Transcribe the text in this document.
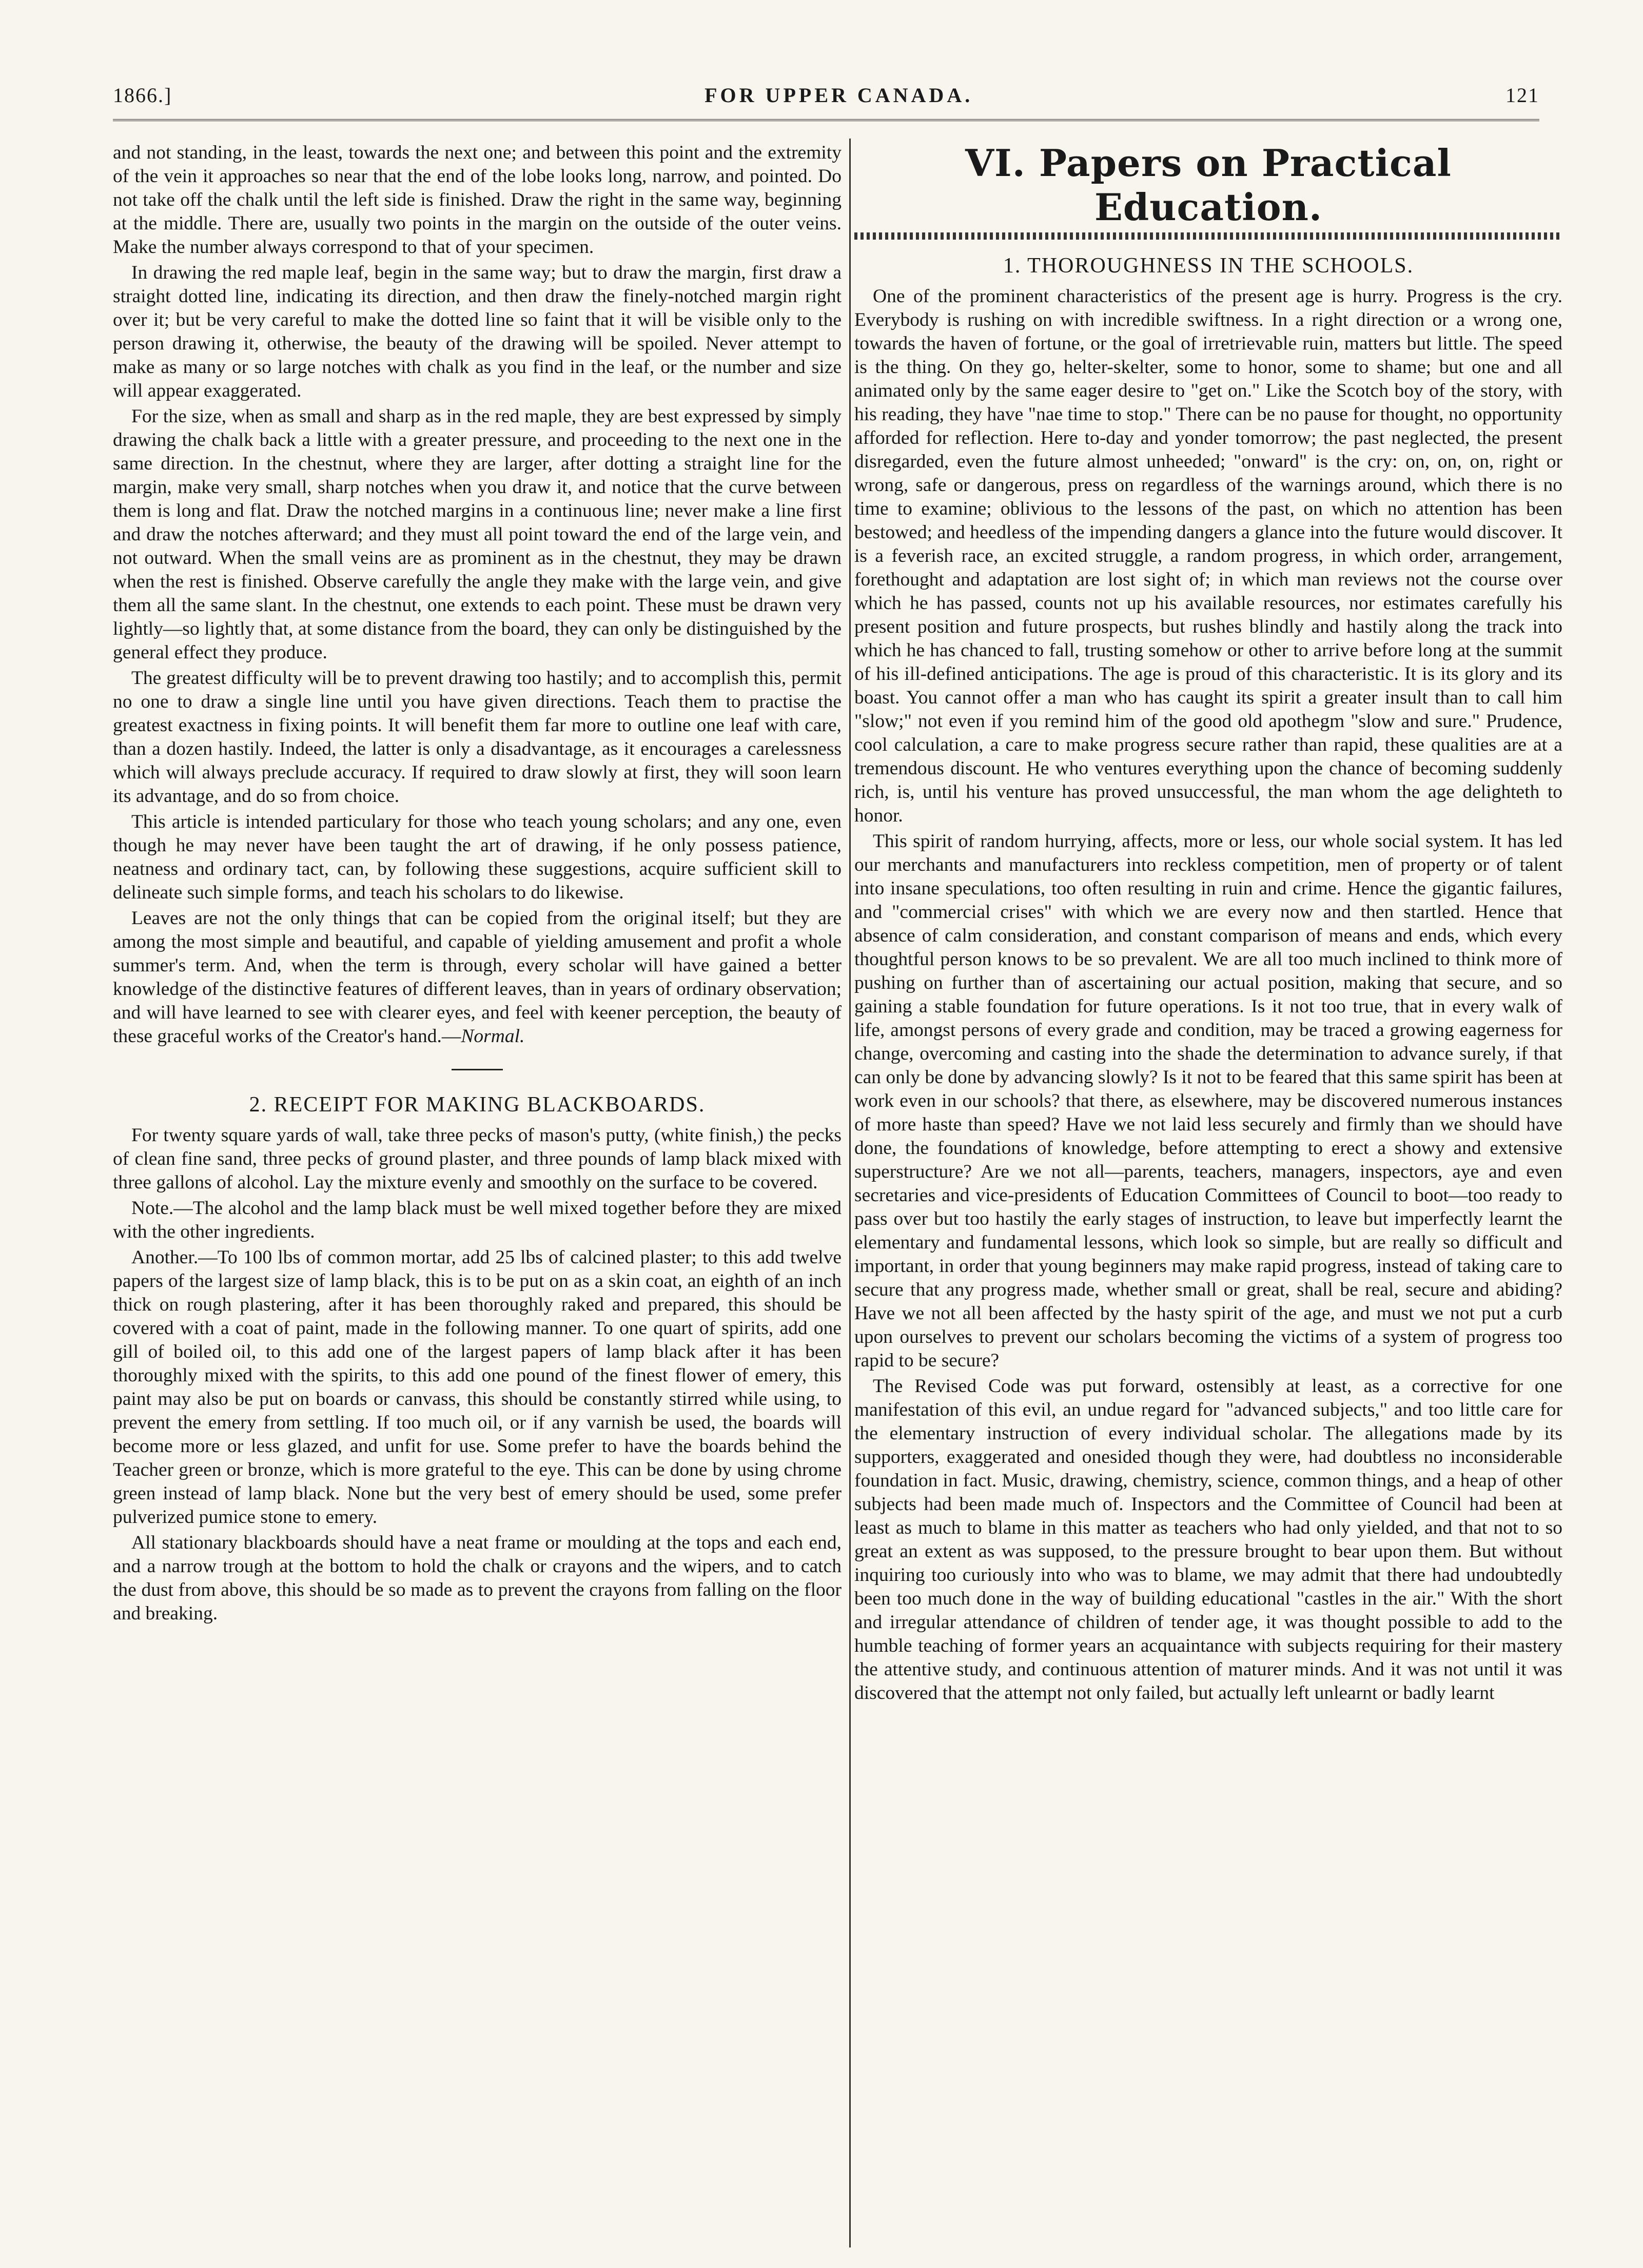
1866.]	FOR UPPER CANADA.	121

and not standing, in the least, towards the next one; and between this point and the extremity of the vein it approaches so near that the end of the lobe looks long, narrow, and pointed. Do not take off the chalk until the left side is finished. Draw the right in the same way, beginning at the middle. There are, usually two points in the margin on the outside of the outer veins. Make the number always correspond to that of your specimen.

In drawing the red maple leaf, begin in the same way; but to draw the margin, first draw a straight dotted line, indicating its direction, and then draw the finely-notched margin right over it; but be very careful to make the dotted line so faint that it will be visible only to the person drawing it, otherwise, the beauty of the drawing will be spoiled. Never attempt to make as many or so large notches with chalk as you find in the leaf, or the number and size will appear exaggerated.

For the size, when as small and sharp as in the red maple, they are best expressed by simply drawing the chalk back a little with a greater pressure, and proceeding to the next one in the same direction. In the chestnut, where they are larger, after dotting a straight line for the margin, make very small, sharp notches when you draw it, and notice that the curve between them is long and flat. Draw the notched margins in a continuous line; never make a line first and draw the notches afterward; and they must all point toward the end of the large vein, and not outward. When the small veins are as prominent as in the chestnut, they may be drawn when the rest is finished. Observe carefully the angle they make with the large vein, and give them all the same slant. In the chestnut, one extends to each point. These must be drawn very lightly—so lightly that, at some distance from the board, they can only be distinguished by the general effect they produce.

The greatest difficulty will be to prevent drawing too hastily; and to accomplish this, permit no one to draw a single line until you have given directions. Teach them to practise the greatest exactness in fixing points. It will benefit them far more to outline one leaf with care, than a dozen hastily. Indeed, the latter is only a disadvantage, as it encourages a carelessness which will always preclude accuracy. If required to draw slowly at first, they will soon learn its advantage, and do so from choice.

This article is intended particulary for those who teach young scholars; and any one, even though he may never have been taught the art of drawing, if he only possess patience, neatness and ordinary tact, can, by following these suggestions, acquire sufficient skill to delineate such simple forms, and teach his scholars to do likewise.

Leaves are not the only things that can be copied from the original itself; but they are among the most simple and beautiful, and capable of yielding amusement and profit a whole summer's term. And, when the term is through, every scholar will have gained a better knowledge of the distinctive features of different leaves, than in years of ordinary observation; and will have learned to see with clearer eyes, and feel with keener perception, the beauty of these graceful works of the Creator's hand.—Normal.

2. RECEIPT FOR MAKING BLACKBOARDS.

For twenty square yards of wall, take three pecks of mason's putty, (white finish,) the pecks of clean fine sand, three pecks of ground plaster, and three pounds of lamp black mixed with three gallons of alcohol. Lay the mixture evenly and smoothly on the surface to be covered.

Note.—The alcohol and the lamp black must be well mixed together before they are mixed with the other ingredients.

Another.—To 100 lbs of common mortar, add 25 lbs of calcined plaster; to this add twelve papers of the largest size of lamp black, this is to be put on as a skin coat, an eighth of an inch thick on rough plastering, after it has been thoroughly raked and prepared, this should be covered with a coat of paint, made in the following manner. To one quart of spirits, add one gill of boiled oil, to this add one of the largest papers of lamp black after it has been thoroughly mixed with the spirits, to this add one pound of the finest flower of emery, this paint may also be put on boards or canvass, this should be constantly stirred while using, to prevent the emery from settling. If too much oil, or if any varnish be used, the boards will become more or less glazed, and unfit for use. Some prefer to have the boards behind the Teacher green or bronze, which is more grateful to the eye. This can be done by using chrome green instead of lamp black. None but the very best of emery should be used, some prefer pulverized pumice stone to emery.

All stationary blackboards should have a neat frame or moulding at the tops and each end, and a narrow trough at the bottom to hold the chalk or crayons and the wipers, and to catch the dust from above, this should be so made as to prevent the crayons from falling on the floor and breaking.

VI. Papers on Practical Education.
1. THOROUGHNESS IN THE SCHOOLS.

One of the prominent characteristics of the present age is hurry. Progress is the cry. Everybody is rushing on with incredible swiftness. In a right direction or a wrong one, towards the haven of fortune, or the goal of irretrievable ruin, matters but little. The speed is the thing. On they go, helter-skelter, some to honor, some to shame; but one and all animated only by the same eager desire to "get on." Like the Scotch boy of the story, with his reading, they have "nae time to stop." There can be no pause for thought, no opportunity afforded for reflection. Here to-day and yonder tomorrow; the past neglected, the present disregarded, even the future almost unheeded; "onward" is the cry: on, on, on, right or wrong, safe or dangerous, press on regardless of the warnings around, which there is no time to examine; oblivious to the lessons of the past, on which no attention has been bestowed; and heedless of the impending dangers a glance into the future would discover. It is a feverish race, an excited struggle, a random progress, in which order, arrangement, forethought and adaptation are lost sight of; in which man reviews not the course over which he has passed, counts not up his available resources, nor estimates carefully his present position and future prospects, but rushes blindly and hastily along the track into which he has chanced to fall, trusting somehow or other to arrive before long at the summit of his ill-defined anticipations. The age is proud of this characteristic. It is its glory and its boast. You cannot offer a man who has caught its spirit a greater insult than to call him "slow;" not even if you remind him of the good old apothegm "slow and sure." Prudence, cool calculation, a care to make progress secure rather than rapid, these qualities are at a tremendous discount. He who ventures everything upon the chance of becoming suddenly rich, is, until his venture has proved unsuccessful, the man whom the age delighteth to honor.

This spirit of random hurrying, affects, more or less, our whole social system. It has led our merchants and manufacturers into reckless competition, men of property or of talent into insane speculations, too often resulting in ruin and crime. Hence the gigantic failures, and "commercial crises" with which we are every now and then startled. Hence that absence of calm consideration, and constant comparison of means and ends, which every thoughtful person knows to be so prevalent. We are all too much inclined to think more of pushing on further than of ascertaining our actual position, making that secure, and so gaining a stable foundation for future operations. Is it not too true, that in every walk of life, amongst persons of every grade and condition, may be traced a growing eagerness for change, overcoming and casting into the shade the determination to advance surely, if that can only be done by advancing slowly? Is it not to be feared that this same spirit has been at work even in our schools? that there, as elsewhere, may be discovered numerous instances of more haste than speed? Have we not laid less securely and firmly than we should have done, the foundations of knowledge, before attempting to erect a showy and extensive superstructure? Are we not all—parents, teachers, managers, inspectors, aye and even secretaries and vice-presidents of Education Committees of Council to boot—too ready to pass over but too hastily the early stages of instruction, to leave but imperfectly learnt the elementary and fundamental lessons, which look so simple, but are really so difficult and important, in order that young beginners may make rapid progress, instead of taking care to secure that any progress made, whether small or great, shall be real, secure and abiding? Have we not all been affected by the hasty spirit of the age, and must we not put a curb upon ourselves to prevent our scholars becoming the victims of a system of progress too rapid to be secure?

The Revised Code was put forward, ostensibly at least, as a corrective for one manifestation of this evil, an undue regard for "advanced subjects," and too little care for the elementary instruction of every individual scholar. The allegations made by its supporters, exaggerated and onesided though they were, had doubtless no inconsiderable foundation in fact. Music, drawing, chemistry, science, common things, and a heap of other subjects had been made much of. Inspectors and the Committee of Council had been at least as much to blame in this matter as teachers who had only yielded, and that not to so great an extent as was supposed, to the pressure brought to bear upon them. But without inquiring too curiously into who was to blame, we may admit that there had undoubtedly been too much done in the way of building educational "castles in the air." With the short and irregular attendance of children of tender age, it was thought possible to add to the humble teaching of former years an acquaintance with subjects requiring for their mastery the attentive study, and continuous attention of maturer minds. And it was not until it was discovered that the attempt not only failed, but actually left unlearnt or badly learnt
